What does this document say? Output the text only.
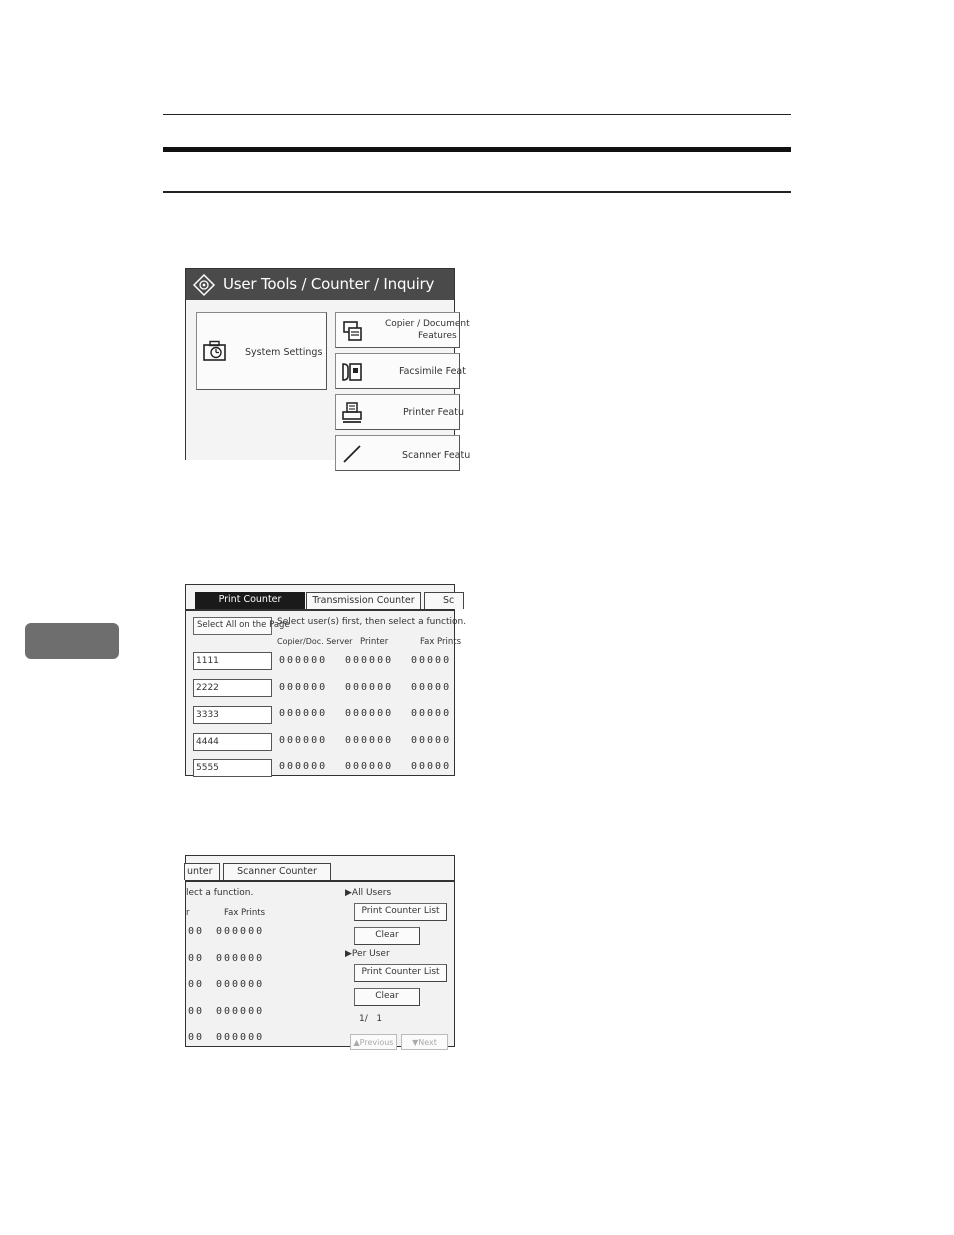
User Tools / Counter / Inquiry
System Settings
Copier / Document
Features
Facsimile Feat
Printer Featu
Scanner Featu
Print Counter	Transmission Counter	Sc
Select All on the Page
Select user(s) first, then select a function.
Copier/Doc. Server Printer	Fax Prints
1111	000000 000000 00000
2222	000000 000000 00000
3333	000000 000000 00000
4444	000000 000000 00000
5555	000000 000000 00000
unter	Scanner Counter
lect a function.
r	Fax Prints
00 000000
00 000000
00 000000
00 000000
00 000000
▶All Users
Print Counter List
Clear
▶Per User
Print Counter List
Clear
1/   1
▲Previous	▼Next
